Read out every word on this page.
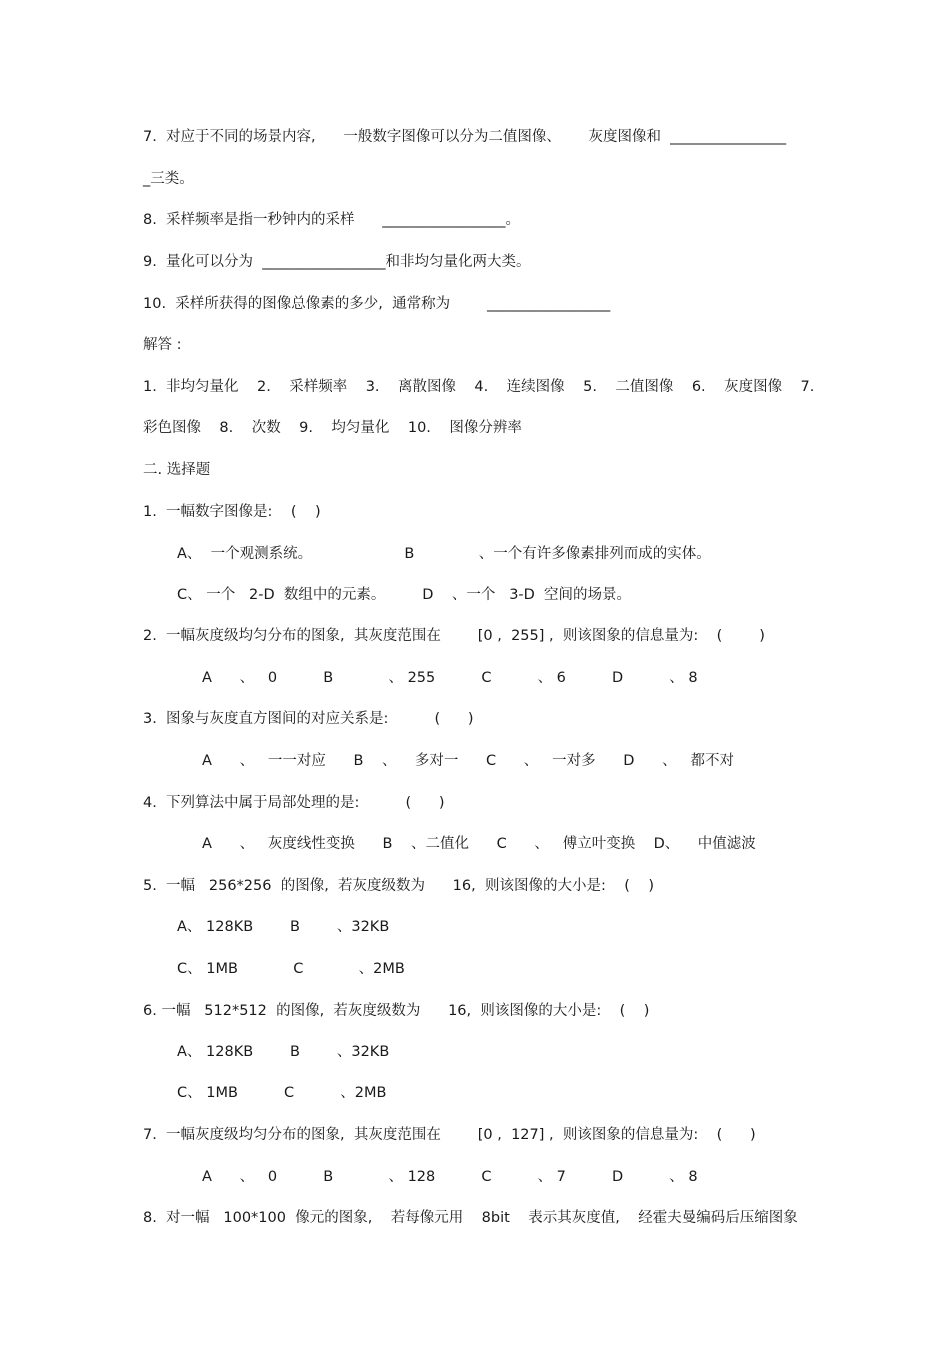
7.  对应于不同的场景内容,      一般数字图像可以分为二值图像、      灰度图像和  ________________
_三类。
8.  采样频率是指一秒钟内的采样      _________________。
9.  量化可以分为  _________________和非均匀量化两大类。
10.  采样所获得的图像总像素的多少,  通常称为        _________________
解答 :
1.  非均匀量化    2.    采样频率    3.    离散图像    4.    连续图像    5.    二值图像    6.    灰度图像    7.
彩色图像    8.    次数    9.    均匀量化    10.    图像分辨率
二. 选择题
1.  一幅数字图像是:    (    )
A、  一个观测系统。                    B              、一个有许多像素排列而成的实体。
C、 一个   2-D  数组中的元素。        D    、一个   3-D  空间的场景。
2.  一幅灰度级均匀分布的图象,  其灰度范围在        [0 ,  255] ,  则该图象的信息量为:    (        )
A      、   0          B            、 255          C          、 6          D          、 8
3.  图象与灰度直方图间的对应关系是:          (      )
A      、   一一对应      B    、    多对一      C      、   一对多      D      、   都不对
4.  下列算法中属于局部处理的是:          (      )
A      、   灰度线性变换      B    、二值化      C      、   傅立叶变换    D、    中值滤波
5.  一幅   256*256  的图像,  若灰度级数为      16,  则该图像的大小是:    (    )
A、 128KB        B        、32KB
C、 1MB            C            、2MB
6. 一幅   512*512  的图像,  若灰度级数为      16,  则该图像的大小是:    (    )
A、 128KB        B        、32KB
C、 1MB          C          、2MB
7.  一幅灰度级均匀分布的图象,  其灰度范围在        [0 ,  127] ,  则该图象的信息量为:    (      )
A      、   0          B            、 128          C          、 7          D          、 8
8.  对一幅   100*100  像元的图象,    若每像元用    8bit    表示其灰度值,    经霍夫曼编码后压缩图象
